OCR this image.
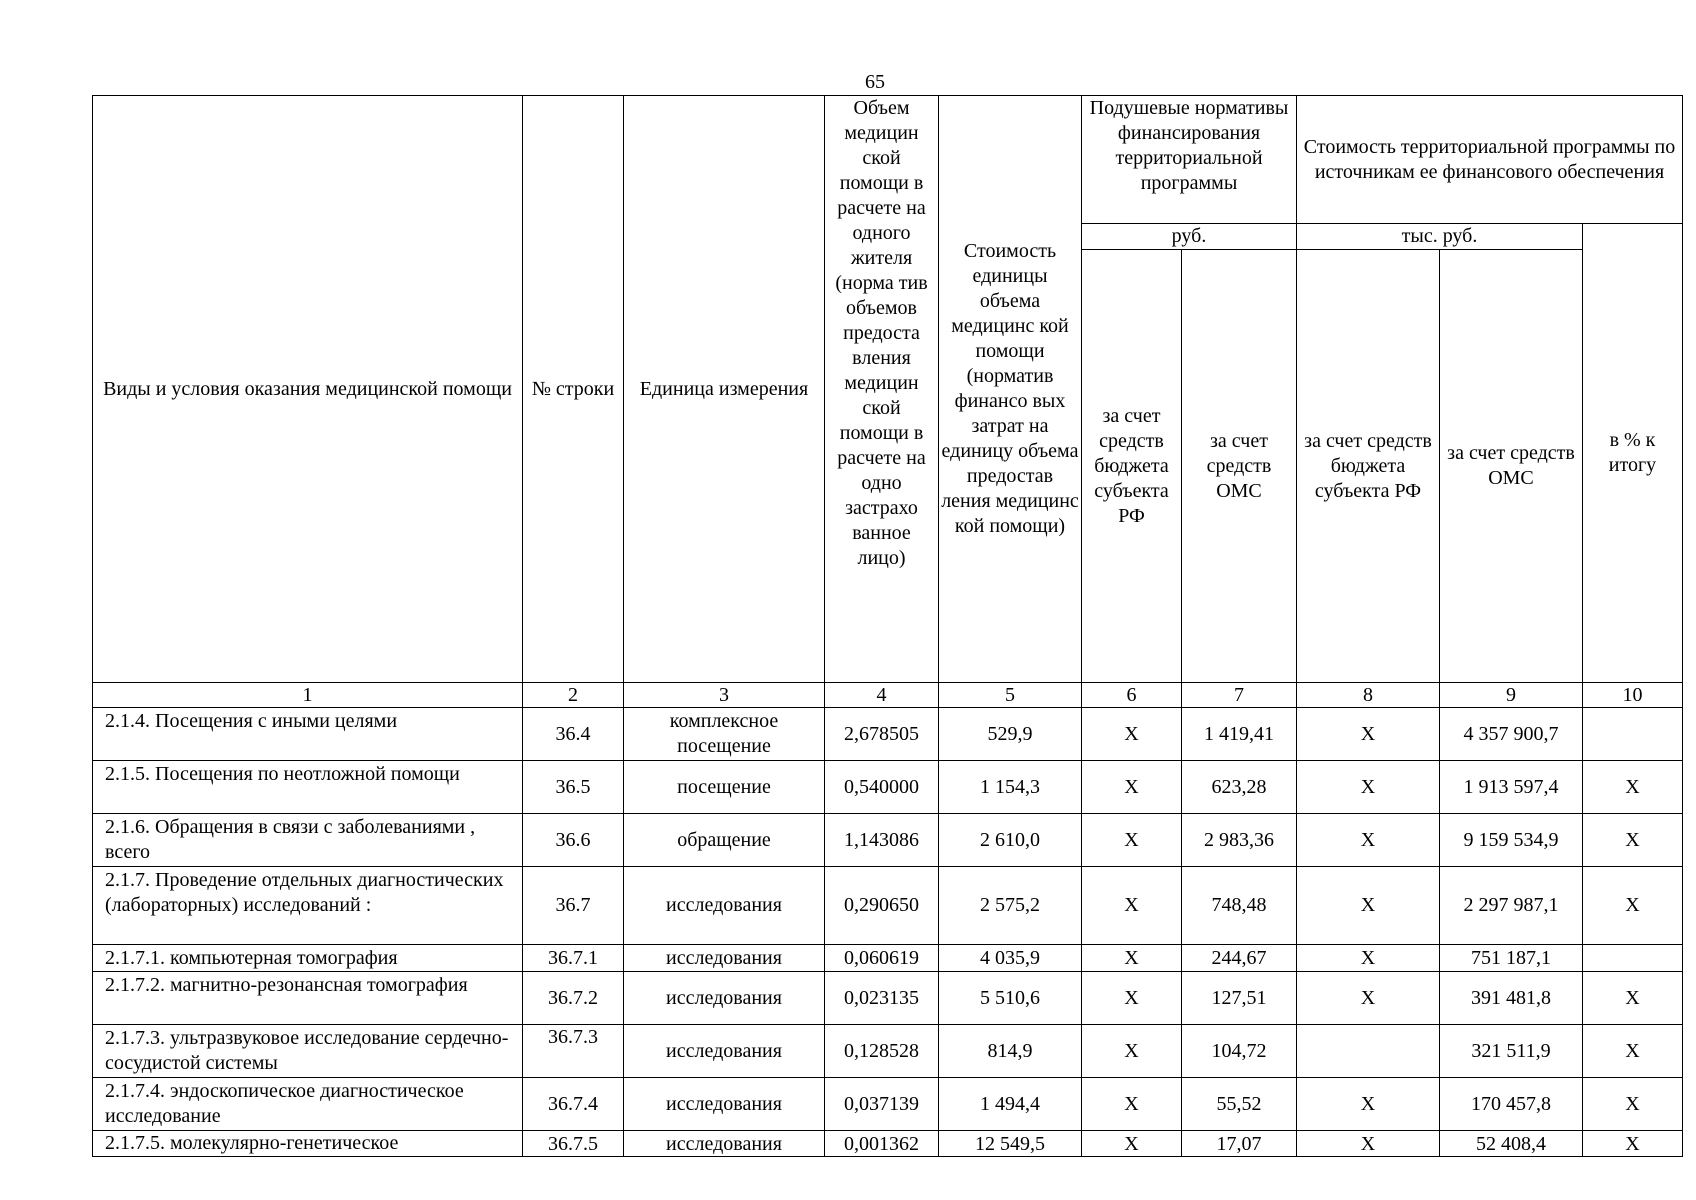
65
Виды и условия оказания медицинской помощи	№ строки	Единица измерения	Объем медицин ской помощи в расчете на одного жителя (норма тив объемов предоста вления медицин ской помощи в расчете на одно застрахо ванное лицо)	Стоимость единицы объема медицинс кой помощи (норматив финансо вых затрат на единицу объема предостав ления медицинс кой помощи)	Подушевые нормативы финансирования территориальной программы		Стоимость территориальной программы по источникам ее финансового обеспечения		
					руб.		тыс. руб.		в % к итогу
					за счет средств бюджета субъекта РФ	за счет средств ОМС	за счет средств бюджета субъекта РФ	за счет средств ОМС	
1	2	3	4	5	6	7	8	9	10
2.1.4. Посещения с иными целями	36.4	комплексное посещение	2,678505	529,9	Х	1 419,41	Х	4 357 900,7	
2.1.5. Посещения по неотложной помощи	36.5	посещение	0,540000	1 154,3	Х	623,28	Х	1 913 597,4	Х
2.1.6. Обращения в связи с заболеваниями , всего	36.6	обращение	1,143086	2 610,0	Х	2 983,36	Х	9 159 534,9	Х
2.1.7. Проведение отдельных диагностических (лабораторных) исследований :	36.7	исследования	0,290650	2 575,2	Х	748,48	Х	2 297 987,1	Х
2.1.7.1. компьютерная томография	36.7.1	исследования	0,060619	4 035,9	Х	244,67	Х	751 187,1	
2.1.7.2. магнитно-резонансная томография	36.7.2	исследования	0,023135	5 510,6	Х	127,51	Х	391 481,8	Х
2.1.7.3. ультразвуковое исследование сердечно-сосудистой системы	36.7.3	исследования	0,128528	814,9	Х	104,72		321 511,9	Х
2.1.7.4. эндоскопическое диагностическое исследование	36.7.4	исследования	0,037139	1 494,4	Х	55,52	Х	170 457,8	Х
2.1.7.5. молекулярно-генетическое	36.7.5	исследования	0,001362	12 549,5	Х	17,07	Х	52 408,4	Х
